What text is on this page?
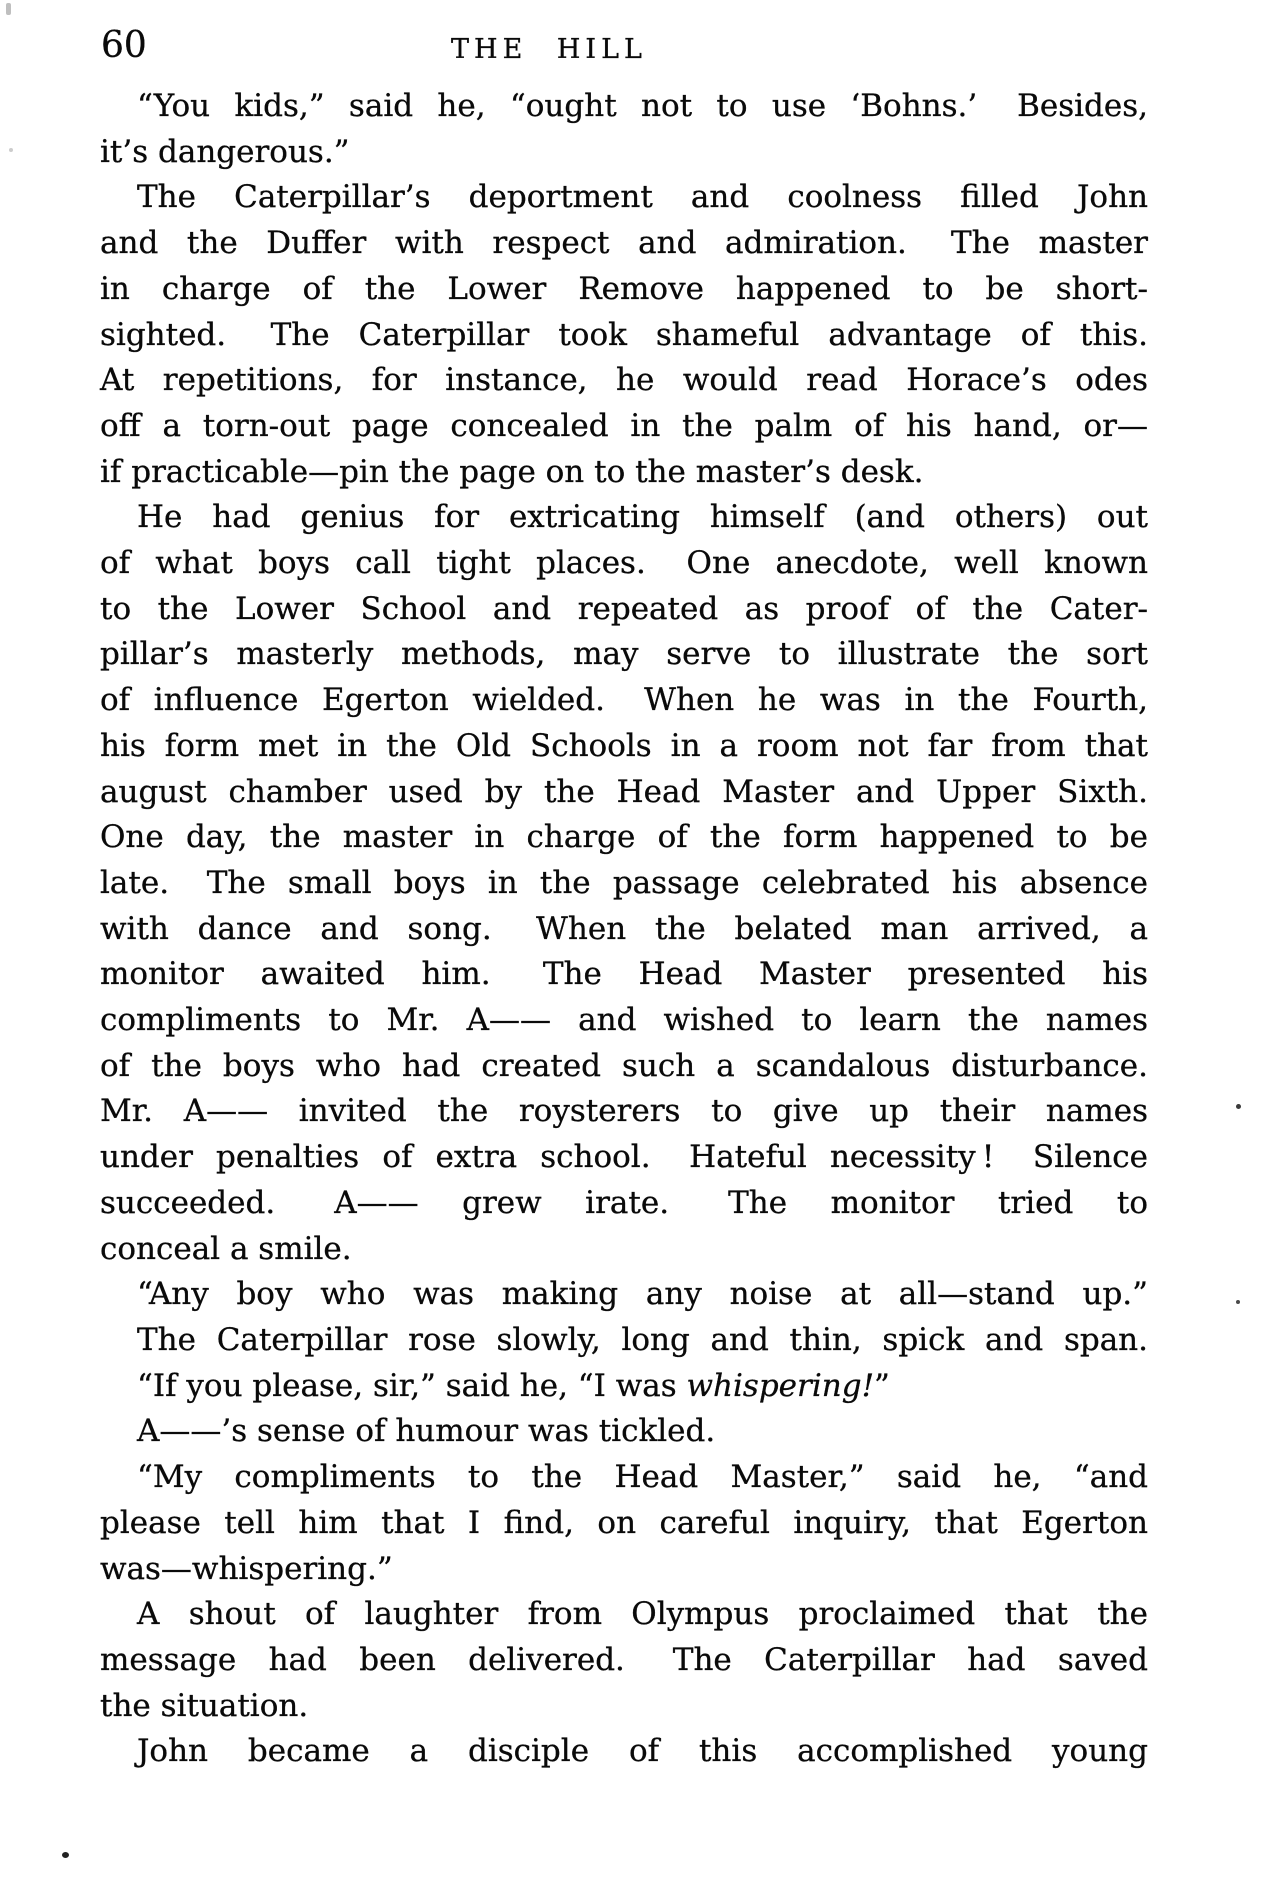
60	THE HILL
“You kids,” said he, “ought not to use ‘Bohns.’  Besides,
it’s dangerous.”
The Caterpillar’s deportment and coolness filled John
and the Duffer with respect and admiration.  The master
in charge of the Lower Remove happened to be short-
sighted.  The Caterpillar took shameful advantage of this.
At repetitions, for instance, he would read Horace’s odes
off a torn-out page concealed in the palm of his hand, or—
if practicable—pin the page on to the master’s desk.
He had genius for extricating himself (and others) out
of what boys call tight places.  One anecdote, well known
to the Lower School and repeated as proof of the Cater-
pillar’s masterly methods, may serve to illustrate the sort
of influence Egerton wielded.  When he was in the Fourth,
his form met in the Old Schools in a room not far from that
august chamber used by the Head Master and Upper Sixth.
One day, the master in charge of the form happened to be
late.  The small boys in the passage celebrated his absence
with dance and song.  When the belated man arrived, a
monitor awaited him.  The Head Master presented his
compliments to Mr. A—— and wished to learn the names
of the boys who had created such a scandalous disturbance.
Mr. A—— invited the roysterers to give up their names
under penalties of extra school.  Hateful necessity !  Silence
succeeded.  A—— grew irate.  The monitor tried to
conceal a smile.
“Any boy who was making any noise at all—stand up.”
The Caterpillar rose slowly, long and thin, spick and span.
“If you please, sir,” said he, “I was whispering!”
A——’s sense of humour was tickled.
“My compliments to the Head Master,” said he, “and
please tell him that I find, on careful inquiry, that Egerton
was—whispering.”
A shout of laughter from Olympus proclaimed that the
message had been delivered.  The Caterpillar had saved
the situation.
John became a disciple of this accomplished young
